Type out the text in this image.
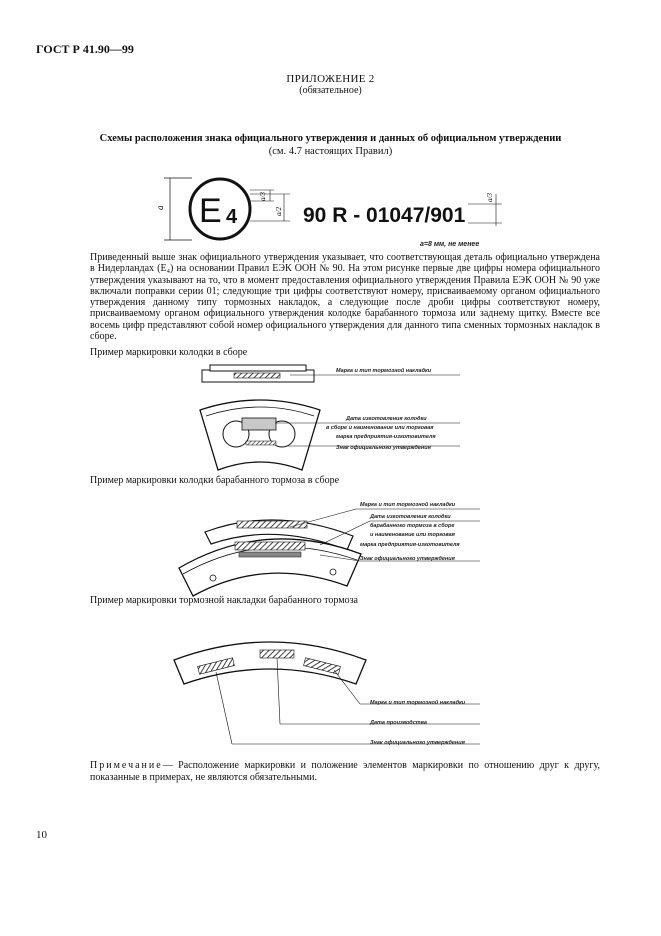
ГОСТ Р 41.90—99
ПРИЛОЖЕНИЕ 2
(обязательное)
Схемы расположения знака официального утверждения и данных об официальном утверждении
(см. 4.7 настоящих Правил)
a E 4
a/3
a/2 90 R - 01047/901
a/3
a=8 мм, не менее

Приведенный выше знак официального утверждения указывает, что соответствующая деталь официально утверждена в Нидерландах (E₄) на основании Правил ЕЭК ООН № 90. На этом рисунке первые две цифры номера официального утверждения указывают на то, что в момент предоставления официального утверждения Правила ЕЭК ООН № 90 уже включали поправки серии 01; следующие три цифры соответствуют номеру, присваиваемому органом официального утверждения данному типу тормозных накладок, а следующие после дроби цифры соответствуют номеру, присваиваемому органом официального утверждения колодке барабанного тормоза или заднему щитку. Вместе все восемь цифр представляют собой номер официального утверждения для данного типа сменных тормозных накладок в сборе.

Пример маркировки колодки в сборе
Марка и тип тормозной накладки
Дата изготовления колодки
в сборе и наименование или торговая
марка предприятия-изготовителя
Знак официального утверждения
Пример маркировки колодки барабанного тормоза в сборе
Марка и тип тормозной накладки
Дата изготовления колодки
барабанного тормоза в сборе
и наименование или торговая
марка предприятия-изготовителя
Знак официального утверждения
Пример маркировки тормозной накладки барабанного тормоза
Марка и тип тормозной накладки
Дата производства
Знак официального утверждения
Примечание— Расположение маркировки и положение элементов маркировки по отношению друг к другу, показанные в примерах, не являются обязательными.
10
